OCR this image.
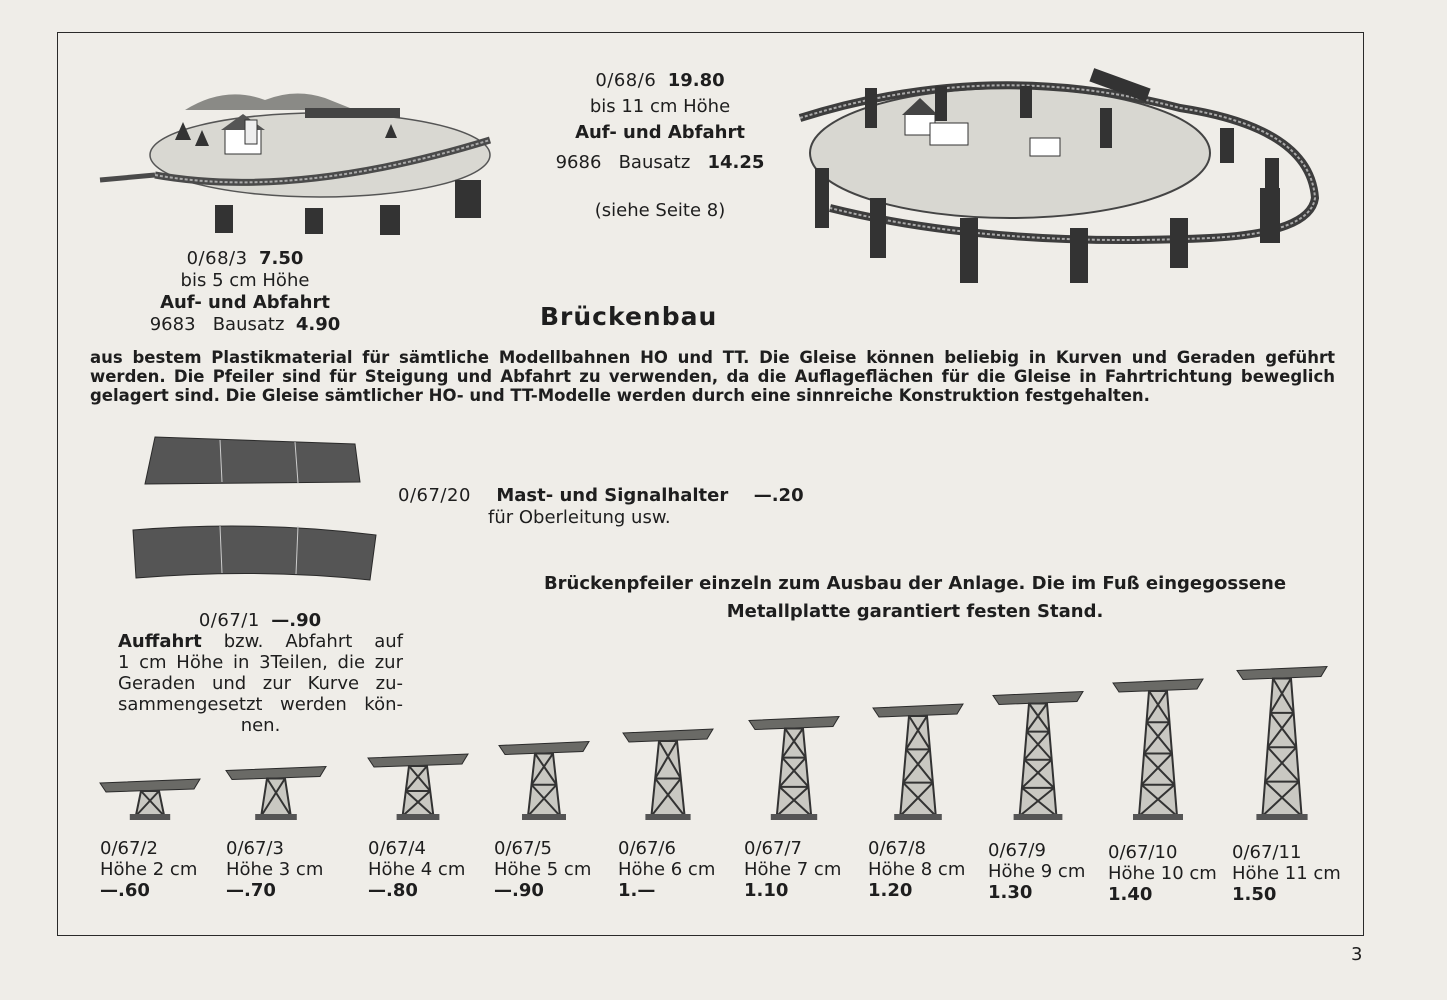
0/68/3 7.50
bis 5 cm Höhe
Auf- und Abfahrt
9683 Bausatz 4.90
0/68/6 19.80
bis 11 cm Höhe
Auf- und Abfahrt
9686 Bausatz 14.25
(siehe Seite 8)
Brückenbau
aus bestem Plastikmaterial für sämtliche Modellbahnen HO und TT. Die Gleise können beliebig in Kurven und Geraden geführt werden. Die Pfeiler sind für Steigung und Abfahrt zu verwenden, da die Auflageflächen für die Gleise in Fahrtrichtung beweglich gelagert sind. Die Gleise sämtlicher HO- und TT-Modelle werden durch eine sinnreiche Konstruktion festgehalten.
0/67/20 Mast- und Signalhalter —.20
für Oberleitung usw.
0/67/1 —.90
Auffahrt bzw. Abfahrt auf
1 cm Höhe in 3Teilen, die zur
Geraden und zur Kurve zu-
sammengesetzt werden kön-
nen.
Brückenpfeiler einzeln zum Ausbau der Anlage. Die im Fuß eingegossene
Metallplatte garantiert festen Stand.
0/67/2
Höhe 2 cm
—.60
0/67/3
Höhe 3 cm
—.70
0/67/4
Höhe 4 cm
—.80
0/67/5
Höhe 5 cm
—.90
0/67/6
Höhe 6 cm
1.—
0/67/7
Höhe 7 cm
1.10
0/67/8
Höhe 8 cm
1.20
0/67/9
Höhe 9 cm
1.30
0/67/10
Höhe 10 cm
1.40
0/67/11
Höhe 11 cm
1.50
3
